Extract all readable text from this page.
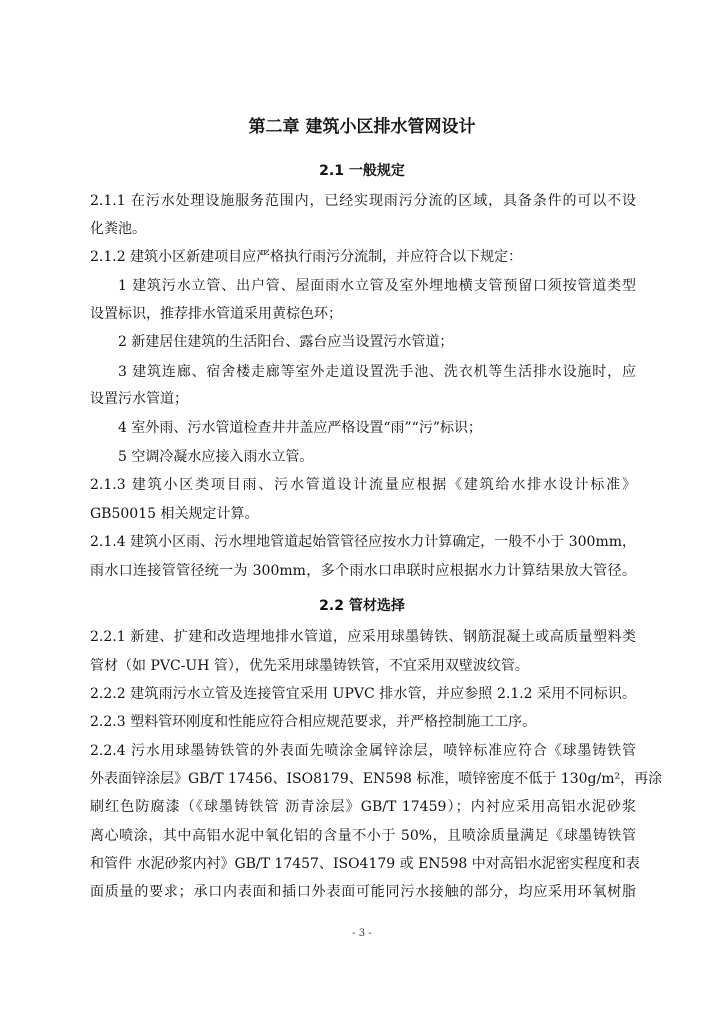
第二章 建筑小区排水管网设计
2.1 一般规定
2.1.1 在污水处理设施服务范围内，已经实现雨污分流的区域，具备条件的可以不设
化粪池。
2.1.2 建筑小区新建项目应严格执行雨污分流制，并应符合以下规定：
1 建筑污水立管、出户管、屋面雨水立管及室外埋地横支管预留口须按管道类型
设置标识，推荐排水管道采用黄棕色环；
2 新建居住建筑的生活阳台、露台应当设置污水管道；
3 建筑连廊、宿舍楼走廊等室外走道设置洗手池、洗衣机等生活排水设施时，应
设置污水管道；
4 室外雨、污水管道检查井井盖应严格设置“雨”“污”标识；
5 空调冷凝水应接入雨水立管。
2.1.3 建筑小区类项目雨、污水管道设计流量应根据《建筑给水排水设计标准》
GB50015 相关规定计算。
2.1.4 建筑小区雨、污水埋地管道起始管管径应按水力计算确定，一般不小于 300mm，
雨水口连接管管径统一为 300mm，多个雨水口串联时应根据水力计算结果放大管径。
2.2 管材选择
2.2.1 新建、扩建和改造埋地排水管道，应采用球墨铸铁、钢筋混凝土或高质量塑料类
管材（如 PVC-UH 管），优先采用球墨铸铁管，不宜采用双壁波纹管。
2.2.2 建筑雨污水立管及连接管宜采用 UPVC 排水管，并应参照 2.1.2 采用不同标识。
2.2.3 塑料管环刚度和性能应符合相应规范要求，并严格控制施工工序。
2.2.4 污水用球墨铸铁管的外表面先喷涂金属锌涂层，喷锌标准应符合《球墨铸铁管
外表面锌涂层》GB/T 17456、ISO8179、EN598 标准，喷锌密度不低于 130g/m²，再涂
刷红色防腐漆（《球墨铸铁管 沥青涂层》GB/T 17459）；内衬应采用高铝水泥砂浆
离心喷涂，其中高铝水泥中氧化铝的含量不小于 50%，且喷涂质量满足《球墨铸铁管
和管件 水泥砂浆内衬》GB/T 17457、ISO4179 或 EN598 中对高铝水泥密实程度和表
面质量的要求；承口内表面和插口外表面可能同污水接触的部分，均应采用环氧树脂
- 3 -
